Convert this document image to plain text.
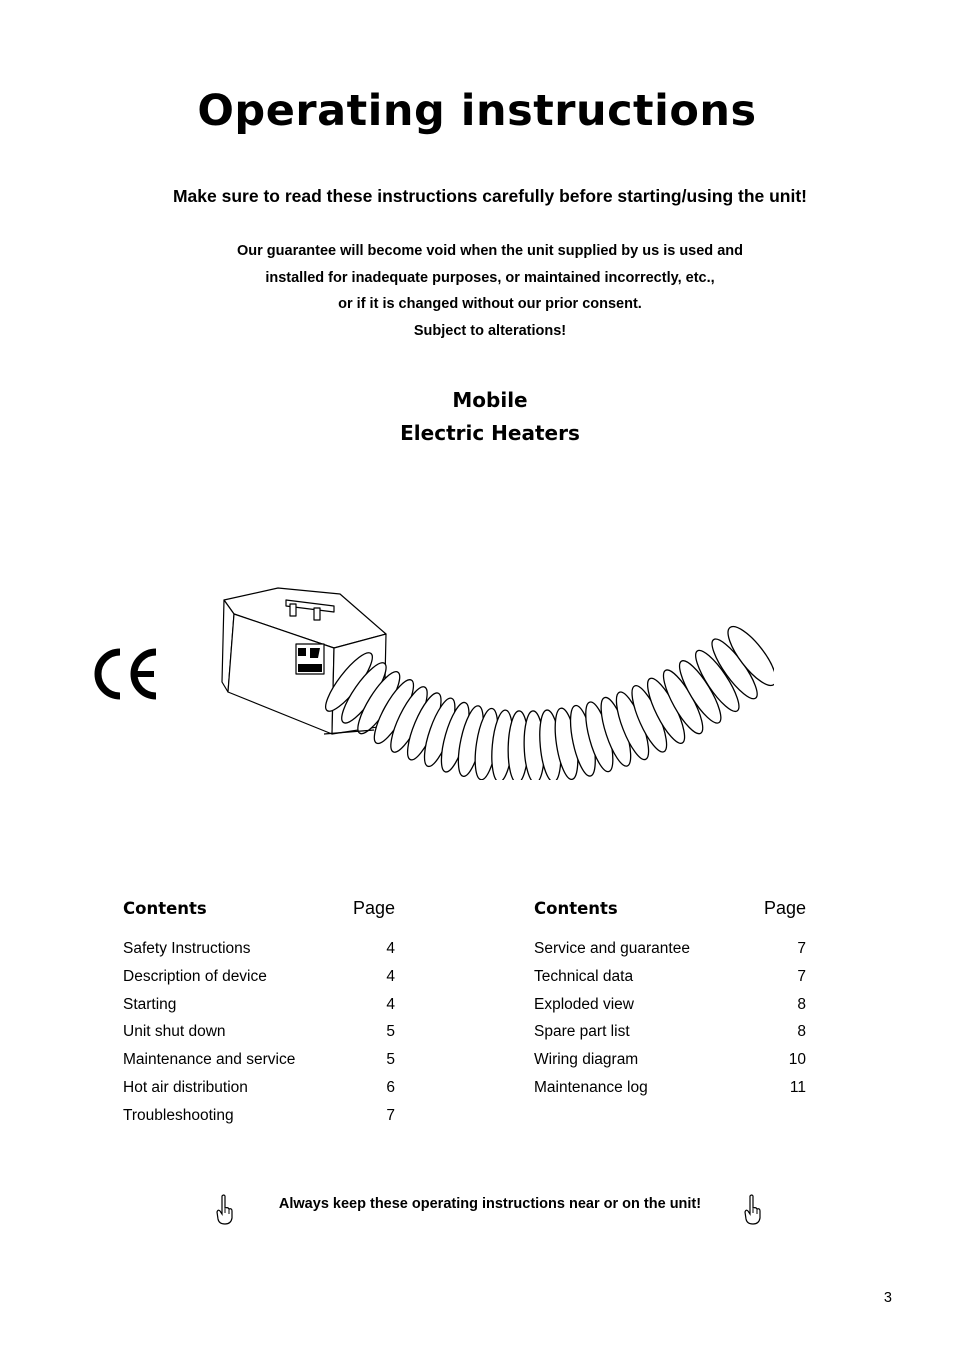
Operating instructions
Make sure to read these instructions carefully before starting/using the unit!
Our guarantee will become void when the unit supplied by us is used and
installed for inadequate purposes, or maintained incorrectly, etc.,
or if it is changed without our prior consent.
Subject to alterations!
Mobile
Electric Heaters
Contents	Page
Safety Instructions	4
Description of device	4
Starting	4
Unit shut down	5
Maintenance and service	5
Hot air distribution	6
Troubleshooting	7
Contents	Page
Service and guarantee	7
Technical data	7
Exploded view	8
Spare part list	8
Wiring diagram	10
Maintenance log	11
Always keep these operating instructions near or on the unit!
3
